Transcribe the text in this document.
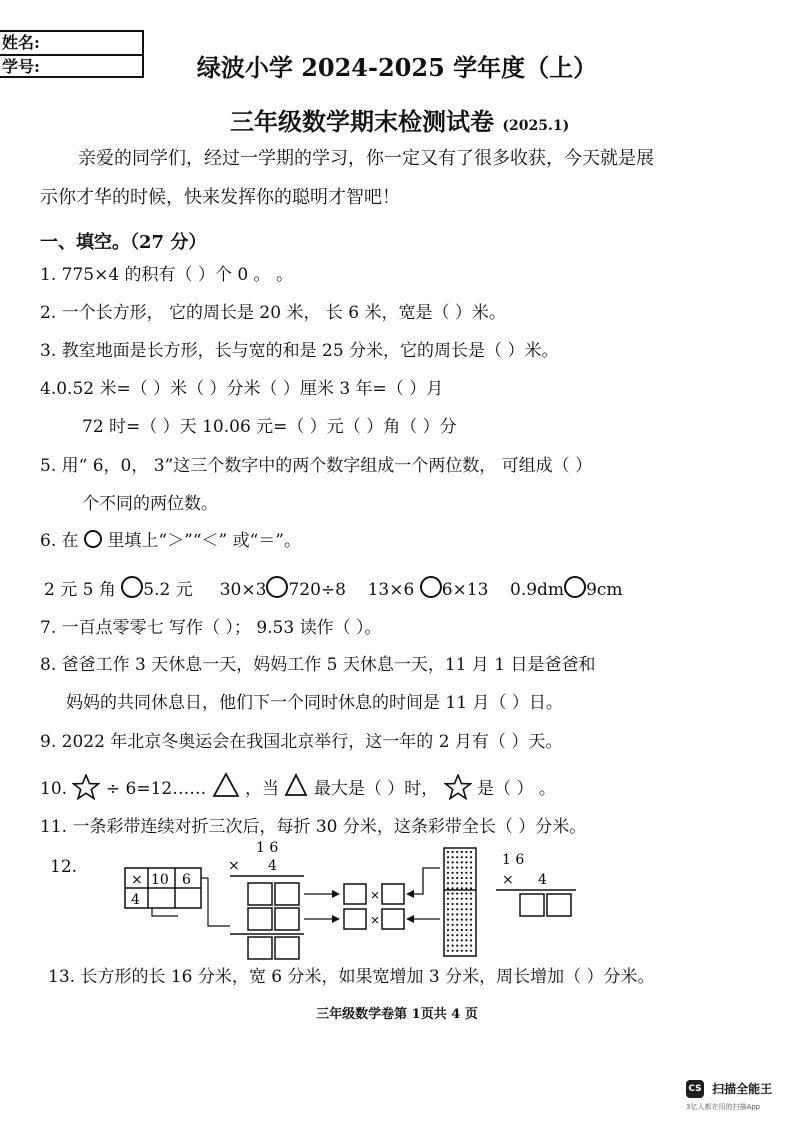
姓名:
学号:	绿波小学 2024-2025 学年度（上）
三年级数学期末检测试卷 (2025.1)
亲爱的同学们，经过一学期的学习，你一定又有了很多收获，今天就是展
示你才华的时候，快来发挥你的聪明才智吧！
一、填空。（27 分）
1. 775×4 的积有（ ）个 0 。 。
2. 一个长方形， 它的周长是 20 米， 长 6 米，宽是（ ）米。
3. 教室地面是长方形，长与宽的和是 25 分米，它的周长是（ ）米。
4.0.52 米=（ ）米（ ）分米（ ）厘米 3 年=（ ）月
72 时=（ ）天 10.06 元=（ ）元（ ）角（ ）分
5. 用“ 6，0， 3”这三个数字中的两个数字组成一个两位数， 可组成（ ）
个不同的两位数。
6. 在 里填上“＞”“＜” 或“＝”。
2 元 5 角 5.2 元 30×3 720÷8 13×6 6×13 0.9dm 9cm
7. 一百点零零七 写作（ ）； 9.53 读作（ ）。
8. 爸爸工作 3 天休息一天，妈妈工作 5 天休息一天，11 月 1 日是爸爸和
妈妈的共同休息日，他们下一个同时休息的时间是 11 月（ ）日。
9. 2022 年北京冬奥运会在我国北京举行，这一年的 2 月有（ ）天。
10. ÷ 6=12…… ，当 最大是（ ）时， 是（ ） 。
11. 一条彩带连续对折三次后，每折 30 分米，这条彩带全长（ ）分米。
12.
× 10 6
4
1 6
× 4
×
×
1 6
× 4
13. 长方形的长 16 分米，宽 6 分米，如果宽增加 3 分米，周长增加（ ）分米。
三年级数学卷第 1页共 4 页
CS 扫描全能王
3亿人都在用的扫描App
